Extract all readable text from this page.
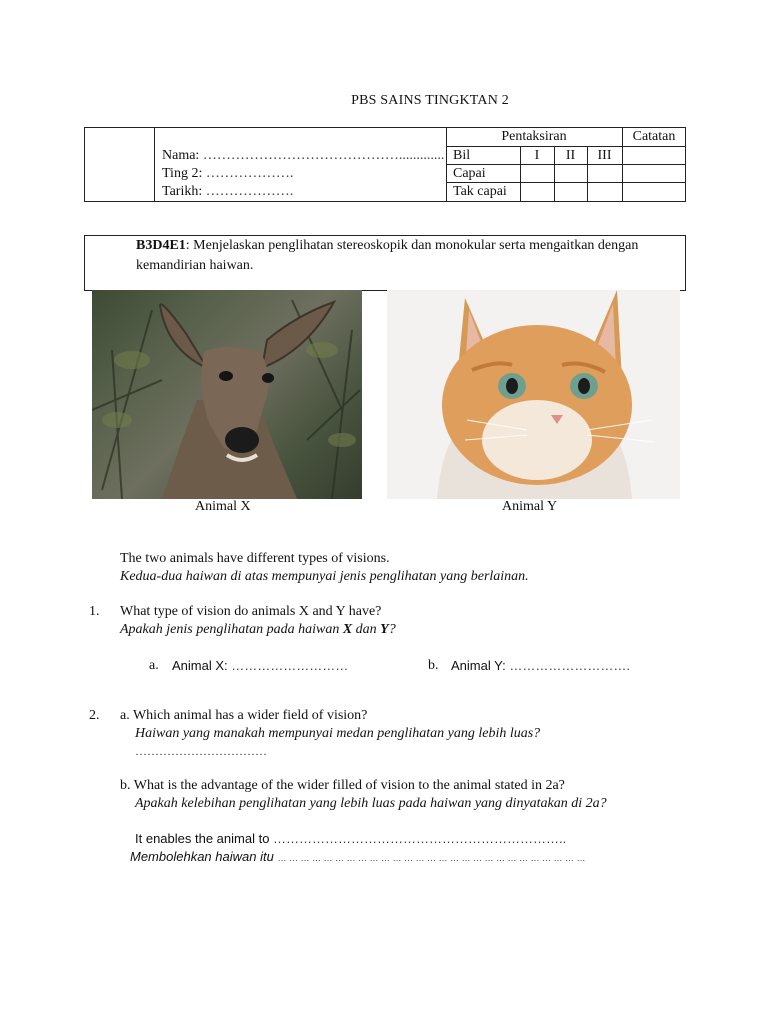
PBS SAINS TINGKTAN 2
Nama: …………………………………….............
Ting 2: ……………….
Tarikh: ……………….
Pentaksiran	Catatan
Bil	I	II	III
Capai
Tak capai
B3D4E1: Menjelaskan penglihatan stereoskopik dan monokular serta mengaitkan dengan kemandirian haiwan.
Animal X	Animal Y
The two animals have different types of visions.
Kedua-dua haiwan di atas mempunyai jenis penglihatan yang berlainan.
1. What type of vision do animals X and Y have?
Apakah jenis penglihatan pada haiwan X dan Y?
a. Animal X: ………………………	b. Animal Y: ……………………….
2. a. Which animal has a wider field of vision?
Haiwan yang manakah mempunyai medan penglihatan yang lebih luas?
……………………………
b. What is the advantage of the wider filled of vision to the animal stated in 2a?
Apakah kelebihan penglihatan yang lebih luas pada haiwan yang dinyatakan di 2a?
It enables the animal to …………………………………………………………..
Membolehkan haiwan itu … … … … … … … … … … … … … … … … … … … … … … … … … … …
